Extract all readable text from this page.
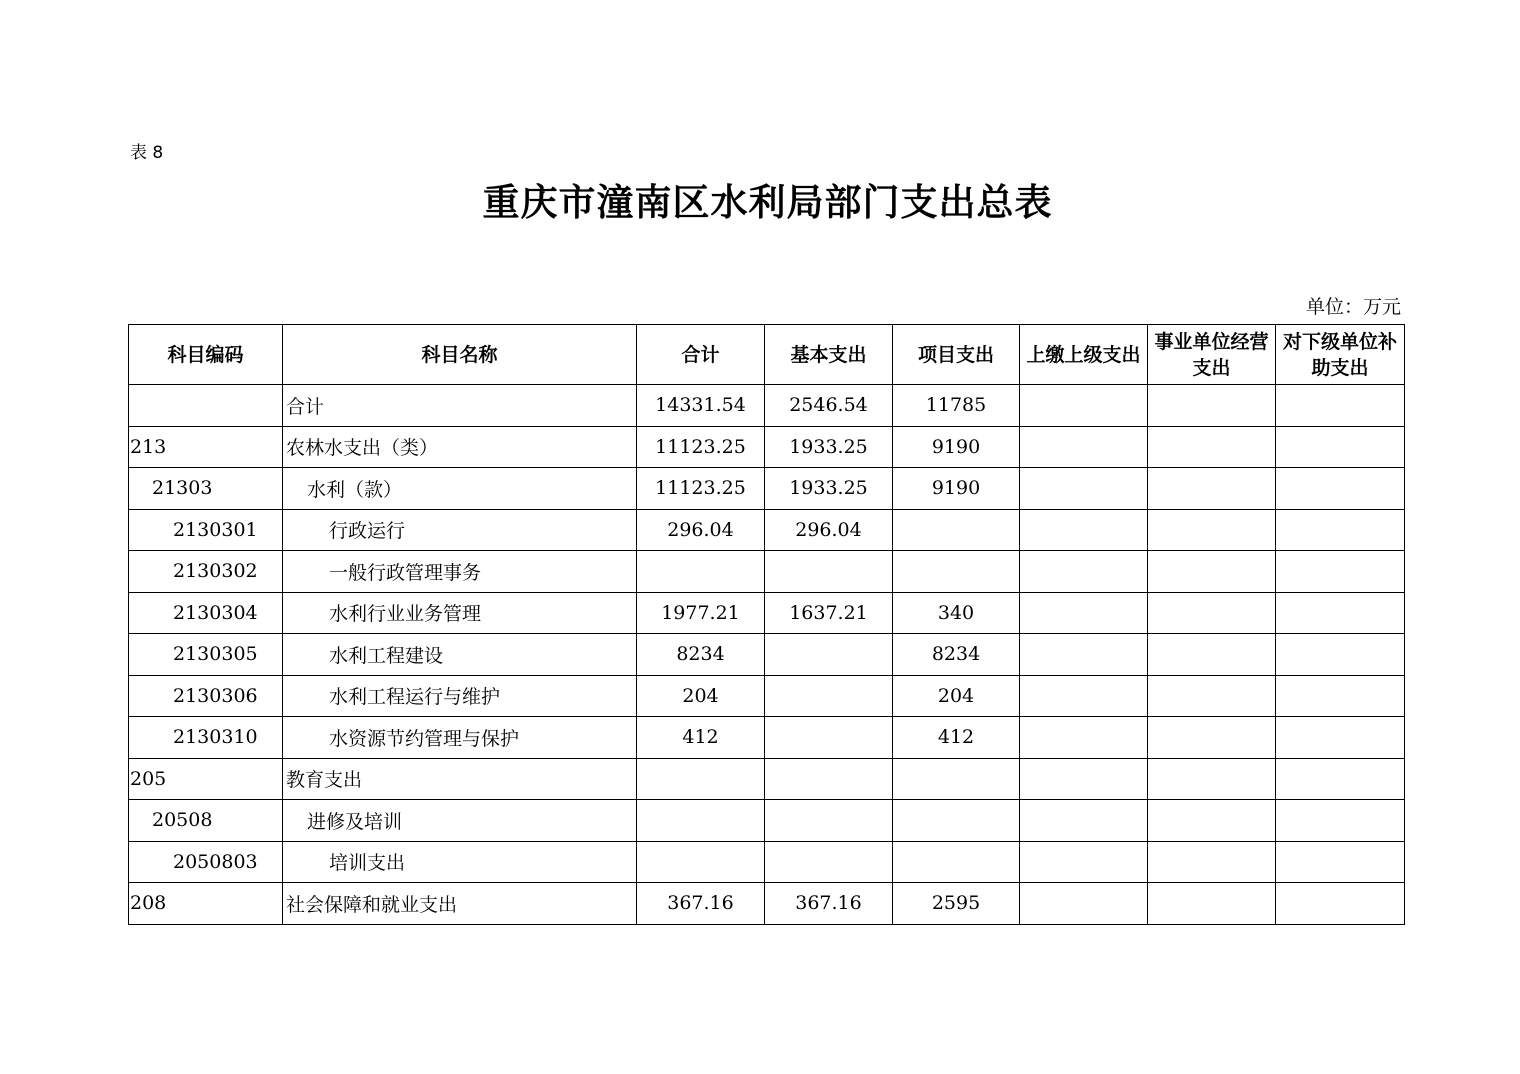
表 8
重庆市潼南区水利局部门支出总表
单位：万元
科目编码	科目名称	合计	基本支出	项目支出	上缴上级支出	事业单位经营支出	对下级单位补助支出
	合计	14331.54	2546.54	11785			
213	农林水支出（类）	11123.25	1933.25	9190			
21303	水利（款）	11123.25	1933.25	9190			
2130301	行政运行	296.04	296.04				
2130302	一般行政管理事务						
2130304	水利行业业务管理	1977.21	1637.21	340			
2130305	水利工程建设	8234		8234			
2130306	水利工程运行与维护	204		204			
2130310	水资源节约管理与保护	412		412			
205	教育支出						
20508	进修及培训						
2050803	培训支出						
208	社会保障和就业支出	367.16	367.16	2595			
